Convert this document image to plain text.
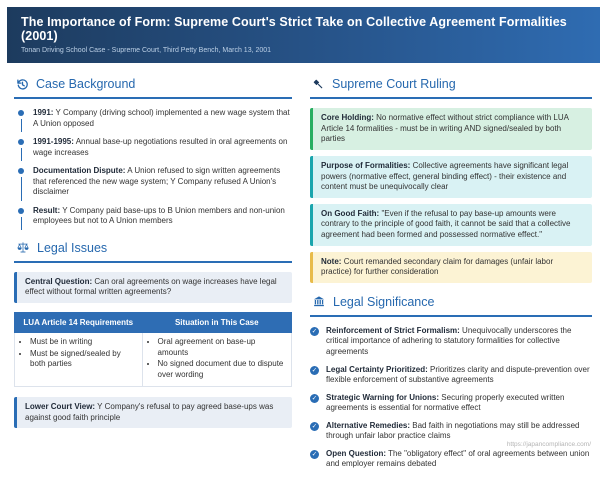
The Importance of Form: Supreme Court's Strict Take on Collective Agreement Formalities (2001)

Tonan Driving School Case - Supreme Court, Third Petty Bench, March 13, 2001

Case Background

1991: Y Company (driving school) implemented a new wage system that A Union opposed

1991-1995: Annual base-up negotiations resulted in oral agreements on wage increases

Documentation Dispute: A Union refused to sign written agreements that referenced the new wage system; Y Company refused A Union's disclaimer

Result: Y Company paid base-ups to B Union members and non-union employees but not to A Union members

Legal Issues
Central Question: Can oral agreements on wage increases have legal effect without formal written agreements?
LUA Article 14 Requirements	Situation in This Case

• Must be in writing
• Must be signed/sealed by both parties

• Oral agreement on base-up amounts
• No signed document due to dispute over wording
Lower Court View: Y Company's refusal to pay agreed base-ups was against good faith principle
Supreme Court Ruling
Core Holding: No normative effect without strict compliance with LUA Article 14 formalities - must be in writing AND signed/sealed by both parties
Purpose of Formalities: Collective agreements have significant legal powers (normative effect, general binding effect) - their existence and content must be unequivocally clear
On Good Faith: "Even if the refusal to pay base-up amounts were contrary to the principle of good faith, it cannot be said that a collective agreement had been formed and possessed normative effect."
Note: Court remanded secondary claim for damages (unfair labor practice) for further consideration
Legal Significance
✓ Reinforcement of Strict Formalism: Unequivocally underscores the critical importance of adhering to statutory formalities for collective agreements

✓ Legal Certainty Prioritized: Prioritizes clarity and dispute-prevention over flexible enforcement of substantive agreements

✓ Strategic Warning for Unions: Securing properly executed written agreements is essential for normative effect

✓ Alternative Remedies: Bad faith in negotiations may still be addressed through unfair labor practice claims

✓ Open Question: The "obligatory effect" of oral agreements between union and employer remains debated

https://japancompliance.com/
